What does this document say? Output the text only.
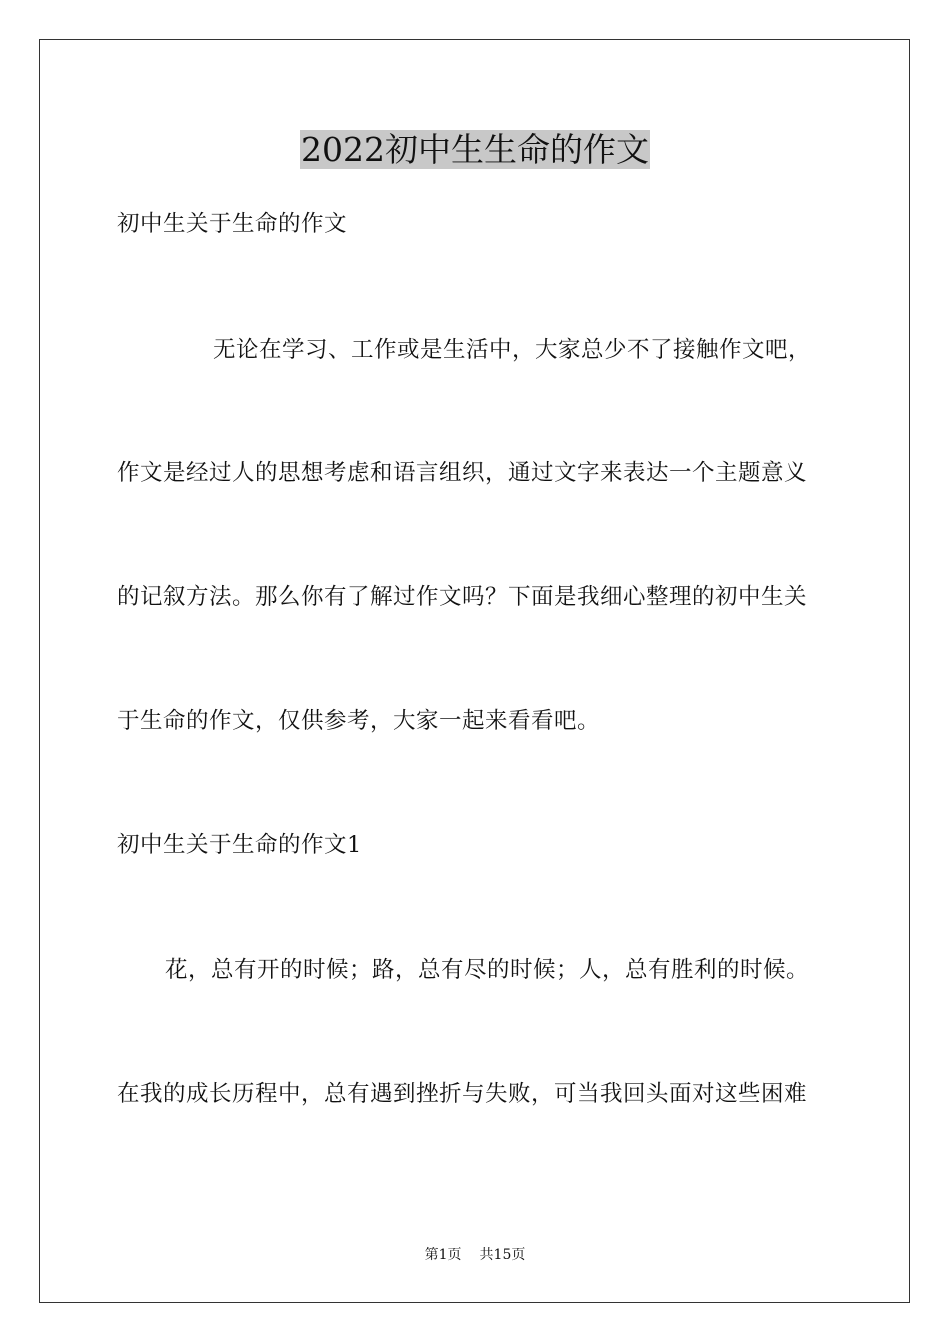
2022初中生生命的作文

初中生关于生命的作文

无论在学习、工作或是生活中，大家总少不了接触作文吧，

作文是经过人的思想考虑和语言组织，通过文字来表达一个主题意义

的记叙方法。那么你有了解过作文吗？下面是我细心整理的初中生关

于生命的作文，仅供参考，大家一起来看看吧。

初中生关于生命的作文1

花，总有开的时候；路，总有尽的时候；人，总有胜利的时候。

在我的成长历程中，总有遇到挫折与失败，可当我回头面对这些困难

第1页 共15页
